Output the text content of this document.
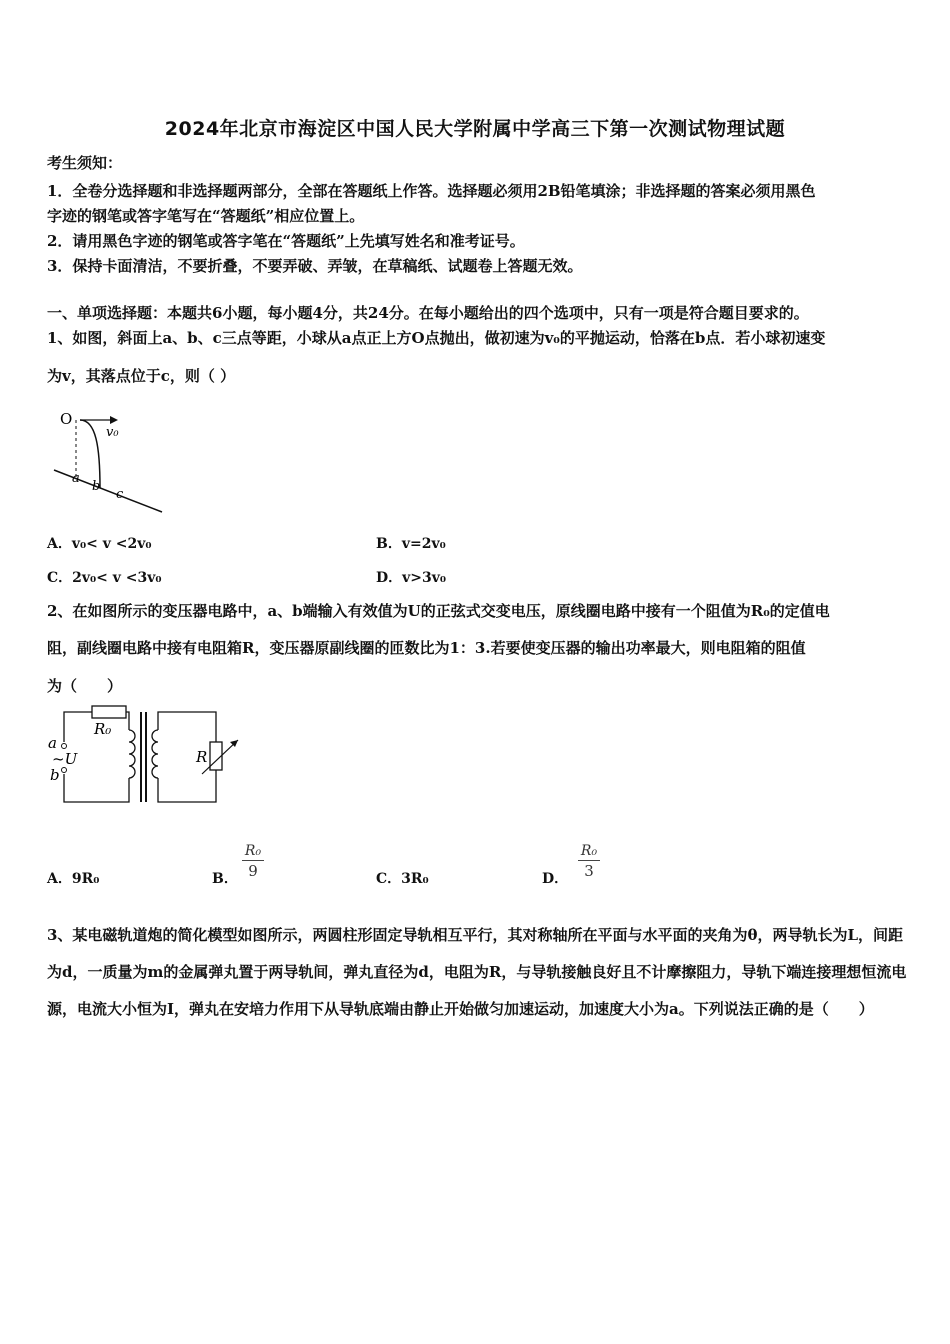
2024年北京市海淀区中国人民大学附属中学高三下第一次测试物理试题
考生须知：
1．全卷分选择题和非选择题两部分，全部在答题纸上作答。选择题必须用2B铅笔填涂；非选择题的答案必须用黑色
字迹的钢笔或答字笔写在“答题纸”相应位置上。
2．请用黑色字迹的钢笔或答字笔在“答题纸”上先填写姓名和准考证号。
3．保持卡面清洁，不要折叠，不要弄破、弄皱，在草稿纸、试题卷上答题无效。
一、单项选择题：本题共6小题，每小题4分，共24分。在每小题给出的四个选项中，只有一项是符合题目要求的。
1、如图，斜面上a、b、c三点等距，小球从a点正上方O点抛出，做初速为v₀的平抛运动，恰落在b点．若小球初速变
为v，其落点位于c，则（ ）
O
v₀
a
b
c
A．v₀< v <2v₀	B．v=2v₀
C．2v₀< v <3v₀	D．v>3v₀
2、在如图所示的变压器电路中，a、b端输入有效值为U的正弦式交变电压，原线圈电路中接有一个阻值为R₀的定值电
阻，副线圈电路中接有电阻箱R，变压器原副线圈的匝数比为1：3.若要使变压器的输出功率最大，则电阻箱的阻值
为（　　）
R₀
a
~U
b
R
A．9R₀	B．
R₀
9	C．3R₀	D．
R₀
3
3、某电磁轨道炮的简化模型如图所示，两圆柱形固定导轨相互平行，其对称轴所在平面与水平面的夹角为θ，两导轨长为L，间距为d，一质量为m的金属弹丸置于两导轨间，弹丸直径为d，电阻为R，与导轨接触良好且不计摩擦阻力，导轨下端连接理想恒流电源，电流大小恒为I，弹丸在安培力作用下从导轨底端由静止开始做匀加速运动，加速度大小为a。下列说法正确的是（　　）
